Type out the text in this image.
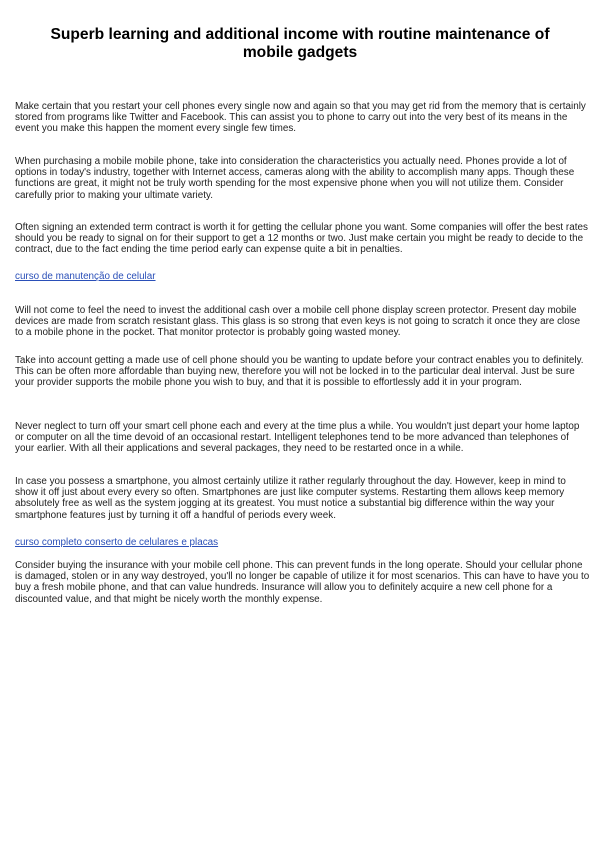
Superb learning and additional income with routine maintenance of mobile gadgets

Make certain that you restart your cell phones every single now and again so that you may get rid from the memory that is certainly stored from programs like Twitter and Facebook. This can assist you to phone to carry out into the very best of its means in the event you make this happen the moment every single few times.

When purchasing a mobile mobile phone, take into consideration the characteristics you actually need. Phones provide a lot of options in today's industry, together with Internet access, cameras along with the ability to accomplish many apps. Though these functions are great, it might not be truly worth spending for the most expensive phone when you will not utilize them. Consider carefully prior to making your ultimate variety.

Often signing an extended term contract is worth it for getting the cellular phone you want. Some companies will offer the best rates should you be ready to signal on for their support to get a 12 months or two. Just make certain you might be ready to decide to the contract, due to the fact ending the time period early can expense quite a bit in penalties.

curso de manutenção de celular

Will not come to feel the need to invest the additional cash over a mobile cell phone display screen protector. Present day mobile devices are made from scratch resistant glass. This glass is so strong that even keys is not going to scratch it once they are close to a mobile phone in the pocket. That monitor protector is probably going wasted money.

Take into account getting a made use of cell phone should you be wanting to update before your contract enables you to definitely. This can be often more affordable than buying new, therefore you will not be locked in to the particular deal interval. Just be sure your provider supports the mobile phone you wish to buy, and that it is possible to effortlessly add it in your program.

Never neglect to turn off your smart cell phone each and every at the time plus a while. You wouldn't just depart your home laptop or computer on all the time devoid of an occasional restart. Intelligent telephones tend to be more advanced than telephones of your earlier. With all their applications and several packages, they need to be restarted once in a while.

In case you possess a smartphone, you almost certainly utilize it rather regularly throughout the day. However, keep in mind to show it off just about every every so often. Smartphones are just like computer systems. Restarting them allows keep memory absolutely free as well as the system jogging at its greatest. You must notice a substantial big difference within the way your smartphone features just by turning it off a handful of periods every week.

curso completo conserto de celulares e placas

Consider buying the insurance with your mobile cell phone. This can prevent funds in the long operate. Should your cellular phone is damaged, stolen or in any way destroyed, you'll no longer be capable of utilize it for most scenarios. This can have to have you to buy a fresh mobile phone, and that can value hundreds. Insurance will allow you to definitely acquire a new cell phone for a discounted value, and that might be nicely worth the monthly expense.
